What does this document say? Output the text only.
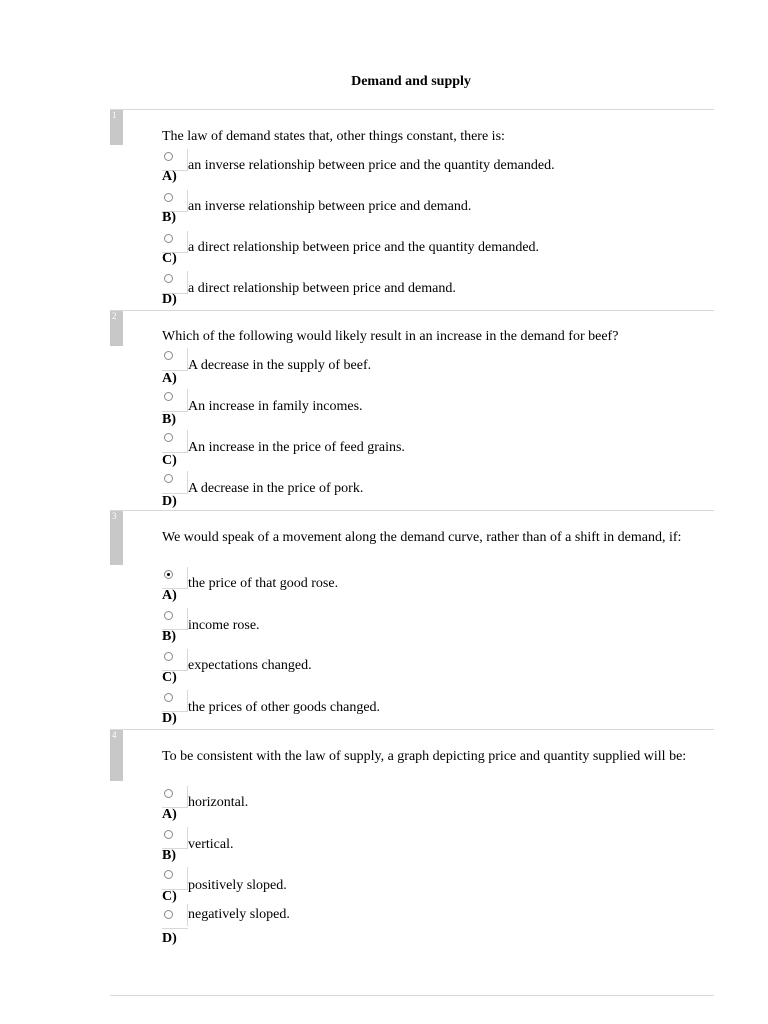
Demand and supply
1
The law of demand states that, other things constant, there is:
A)
an inverse relationship between price and the quantity demanded.
B)
an inverse relationship between price and demand.
C)
a direct relationship between price and the quantity demanded.
D)
a direct relationship between price and demand.
2
Which of the following would likely result in an increase in the demand for beef?
A)
A decrease in the supply of beef.
B)
An increase in family incomes.
C)
An increase in the price of feed grains.
D)
A decrease in the price of pork.
3
We would speak of a movement along the demand curve, rather than of a shift in demand, if:
A)
the price of that good rose.
B)
income rose.
C)
expectations changed.
D)
the prices of other goods changed.
4
To be consistent with the law of supply, a graph depicting price and quantity supplied will be:
A)
horizontal.
B)
vertical.
C)
positively sloped.
D)
negatively sloped.
